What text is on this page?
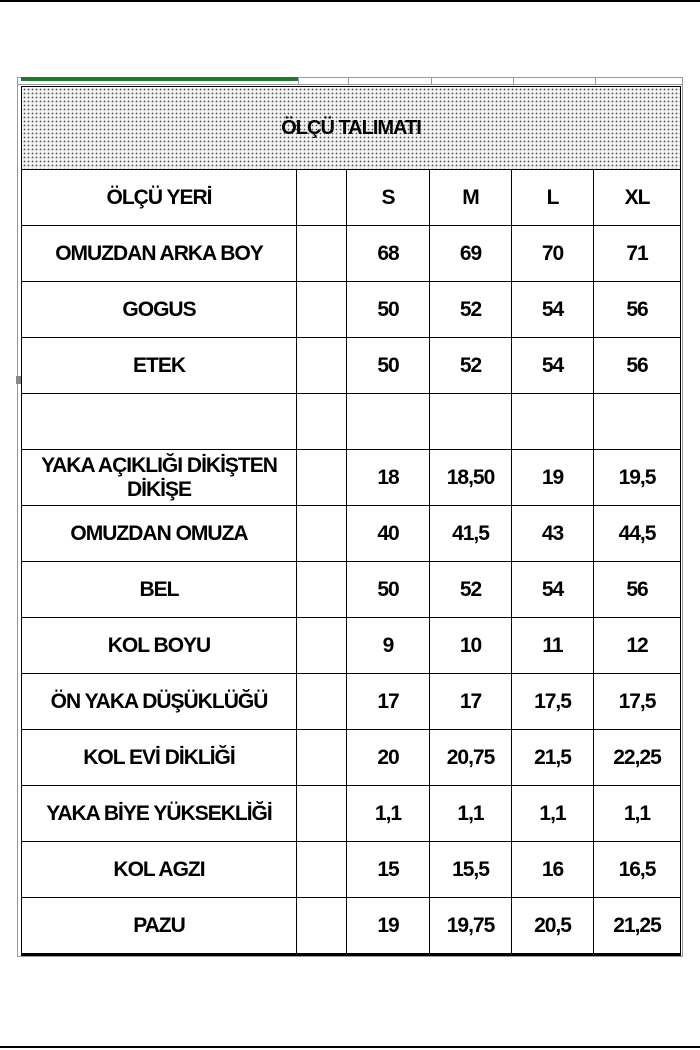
ÖLÇÜ TALIMATI					
ÖLÇÜ YERİ		S	M	L	XL
OMUZDAN ARKA BOY		68	69	70	71
GOGUS		50	52	54	56
ETEK		50	52	54	56

YAKA AÇIKLIĞI DİKİŞTEN DİKİŞE		18	18,50	19	19,5
OMUZDAN OMUZA		40	41,5	43	44,5
BEL		50	52	54	56
KOL BOYU		9	10	11	12
ÖN YAKA DÜŞÜKLÜĞÜ		17	17	17,5	17,5
KOL EVİ DİKLİĞİ		20	20,75	21,5	22,25
YAKA BİYE YÜKSEKLİĞİ		1,1	1,1	1,1	1,1
KOL AGZI		15	15,5	16	16,5
PAZU		19	19,75	20,5	21,25
